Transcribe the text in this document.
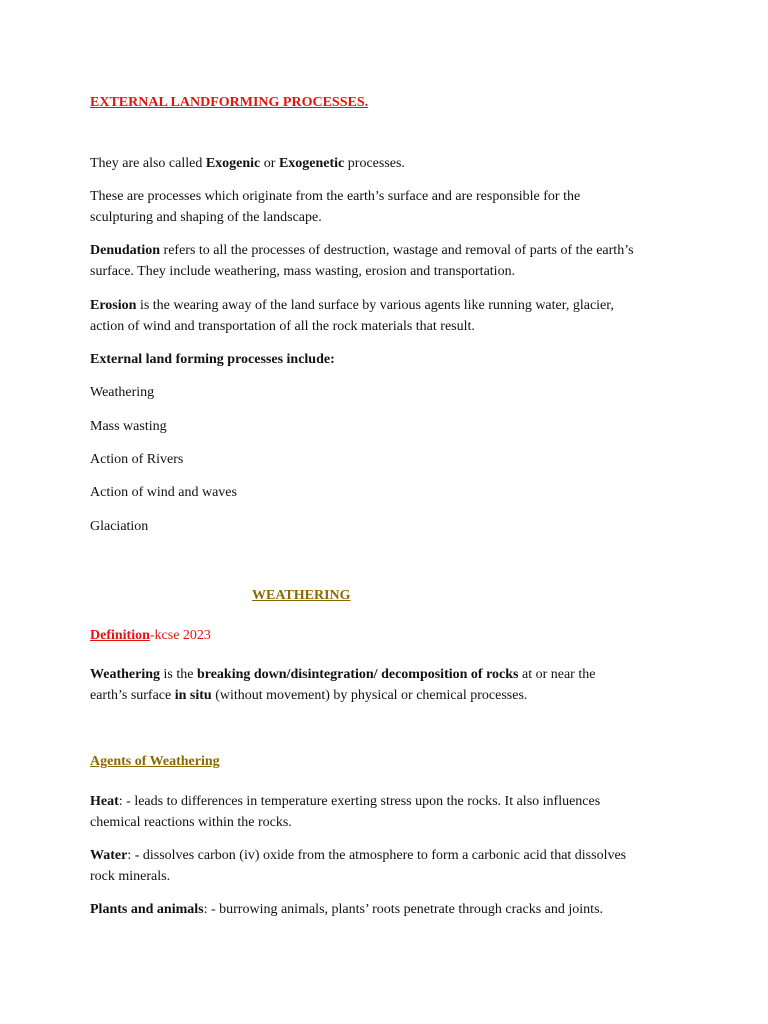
EXTERNAL LANDFORMING PROCESSES.
They are also called Exogenic or Exogenetic processes.
These are processes which originate from the earth’s surface and are responsible for the
sculpturing and shaping of the landscape.
Denudation refers to all the processes of destruction, wastage and removal of parts of the earth’s
surface. They include weathering, mass wasting, erosion and transportation.
Erosion is the wearing away of the land surface by various agents like running water, glacier,
action of wind and transportation of all the rock materials that result.
External land forming processes include:
Weathering
Mass wasting
Action of Rivers
Action of wind and waves
Glaciation
WEATHERING
Definition-kcse 2023
Weathering is the breaking down/disintegration/ decomposition of rocks at or near the
earth’s surface in situ (without movement) by physical or chemical processes.
Agents of Weathering
Heat: - leads to differences in temperature exerting stress upon the rocks. It also influences
chemical reactions within the rocks.
Water: - dissolves carbon (iv) oxide from the atmosphere to form a carbonic acid that dissolves
rock minerals.
Plants and animals: - burrowing animals, plants’ roots penetrate through cracks and joints.
